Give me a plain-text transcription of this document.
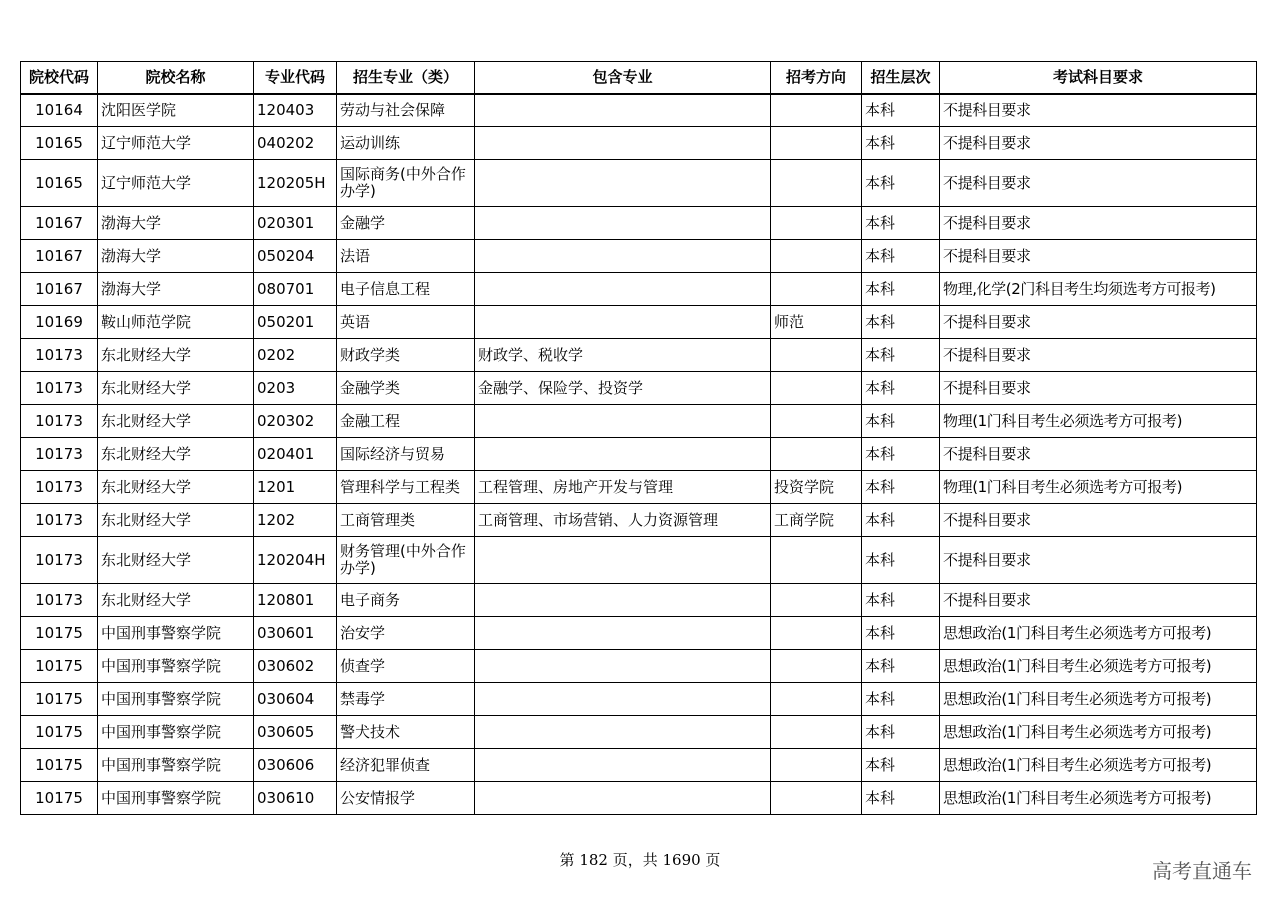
院校代码	院校名称	专业代码	招生专业（类）	包含专业	招考方向	招生层次	考试科目要求
10164	沈阳医学院	120403	劳动与社会保障			本科	不提科目要求
10165	辽宁师范大学	040202	运动训练			本科	不提科目要求
10165	辽宁师范大学	120205H	国际商务(中外合作办学)			本科	不提科目要求
10167	渤海大学	020301	金融学			本科	不提科目要求
10167	渤海大学	050204	法语			本科	不提科目要求
10167	渤海大学	080701	电子信息工程			本科	物理,化学(2门科目考生均须选考方可报考)
10169	鞍山师范学院	050201	英语		师范	本科	不提科目要求
10173	东北财经大学	0202	财政学类	财政学、税收学		本科	不提科目要求
10173	东北财经大学	0203	金融学类	金融学、保险学、投资学		本科	不提科目要求
10173	东北财经大学	020302	金融工程			本科	物理(1门科目考生必须选考方可报考)
10173	东北财经大学	020401	国际经济与贸易			本科	不提科目要求
10173	东北财经大学	1201	管理科学与工程类	工程管理、房地产开发与管理	投资学院	本科	物理(1门科目考生必须选考方可报考)
10173	东北财经大学	1202	工商管理类	工商管理、市场营销、人力资源管理	工商学院	本科	不提科目要求
10173	东北财经大学	120204H	财务管理(中外合作办学)			本科	不提科目要求
10173	东北财经大学	120801	电子商务			本科	不提科目要求
10175	中国刑事警察学院	030601	治安学			本科	思想政治(1门科目考生必须选考方可报考)
10175	中国刑事警察学院	030602	侦查学			本科	思想政治(1门科目考生必须选考方可报考)
10175	中国刑事警察学院	030604	禁毒学			本科	思想政治(1门科目考生必须选考方可报考)
10175	中国刑事警察学院	030605	警犬技术			本科	思想政治(1门科目考生必须选考方可报考)
10175	中国刑事警察学院	030606	经济犯罪侦查			本科	思想政治(1门科目考生必须选考方可报考)
10175	中国刑事警察学院	030610	公安情报学			本科	思想政治(1门科目考生必须选考方可报考)
第 182 页，共 1690 页	高考直通车
